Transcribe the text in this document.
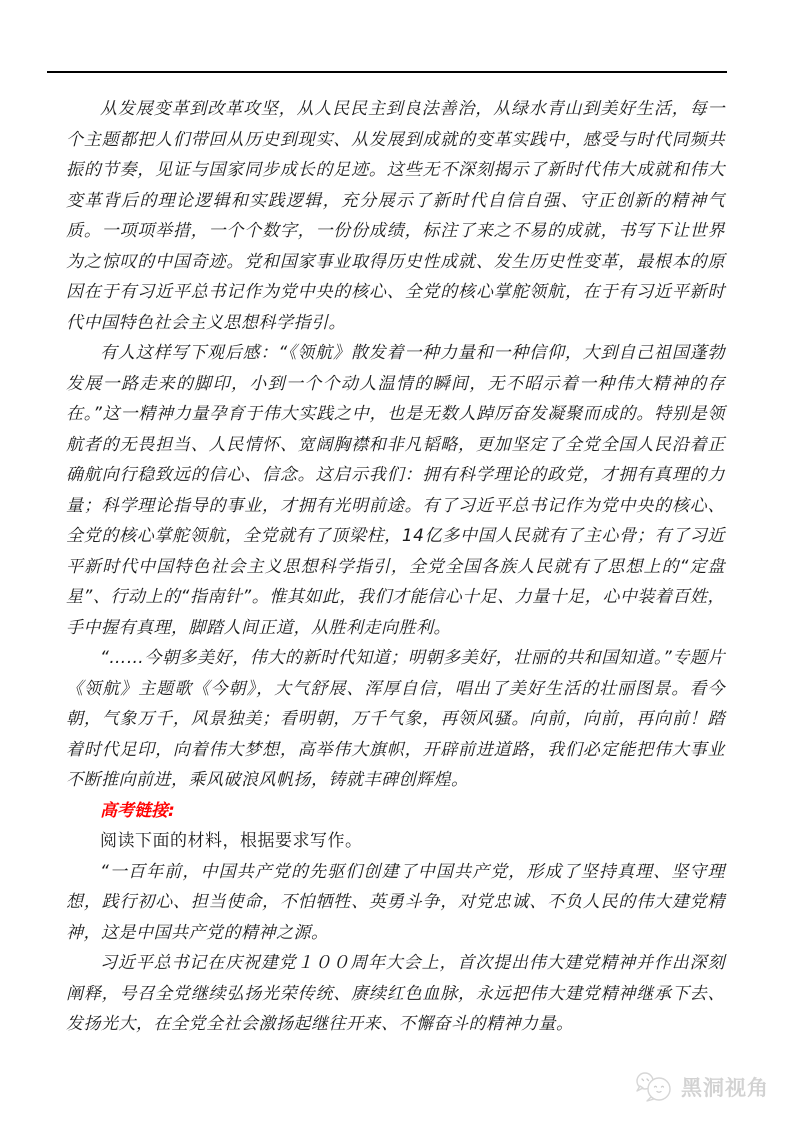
从发展变革到改革攻坚，从人民民主到良法善治，从绿水青山到美好生活，每一个主题都把人们带回从历史到现实、从发展到成就的变革实践中，感受与时代同频共振的节奏，见证与国家同步成长的足迹。这些无不深刻揭示了新时代伟大成就和伟大变革背后的理论逻辑和实践逻辑，充分展示了新时代自信自强、守正创新的精神气质。一项项举措，一个个数字，一份份成绩，标注了来之不易的成就，书写下让世界为之惊叹的中国奇迹。党和国家事业取得历史性成就、发生历史性变革，最根本的原因在于有习近平总书记作为党中央的核心、全党的核心掌舵领航，在于有习近平新时代中国特色社会主义思想科学指引。

有人这样写下观后感：“《领航》散发着一种力量和一种信仰，大到自己祖国蓬勃发展一路走来的脚印，小到一个个动人温情的瞬间，无不昭示着一种伟大精神的存在。”这一精神力量孕育于伟大实践之中，也是无数人踔厉奋发凝聚而成的。特别是领航者的无畏担当、人民情怀、宽阔胸襟和非凡韬略，更加坚定了全党全国人民沿着正确航向行稳致远的信心、信念。这启示我们：拥有科学理论的政党，才拥有真理的力量；科学理论指导的事业，才拥有光明前途。有了习近平总书记作为党中央的核心、全党的核心掌舵领航，全党就有了顶梁柱，14亿多中国人民就有了主心骨；有了习近平新时代中国特色社会主义思想科学指引，全党全国各族人民就有了思想上的“定盘星”、行动上的“指南针”。惟其如此，我们才能信心十足、力量十足，心中装着百姓，手中握有真理，脚踏人间正道，从胜利走向胜利。

“……今朝多美好，伟大的新时代知道；明朝多美好，壮丽的共和国知道。”专题片《领航》主题歌《今朝》，大气舒展、浑厚自信，唱出了美好生活的壮丽图景。看今朝，气象万千，风景独美；看明朝，万千气象，再领风骚。向前，向前，再向前！踏着时代足印，向着伟大梦想，高举伟大旗帜，开辟前进道路，我们必定能把伟大事业不断推向前进，乘风破浪风帆扬，铸就丰碑创辉煌。

高考链接:

阅读下面的材料，根据要求写作。

“一百年前，中国共产党的先驱们创建了中国共产党，形成了坚持真理、坚守理想，践行初心、担当使命，不怕牺牲、英勇斗争，对党忠诚、不负人民的伟大建党精神，这是中国共产党的精神之源。

习近平总书记在庆祝建党１００周年大会上，首次提出伟大建党精神并作出深刻阐释，号召全党继续弘扬光荣传统、赓续红色血脉，永远把伟大建党精神继承下去、发扬光大，在全党全社会激扬起继往开来、不懈奋斗的精神力量。

黑洞视角
